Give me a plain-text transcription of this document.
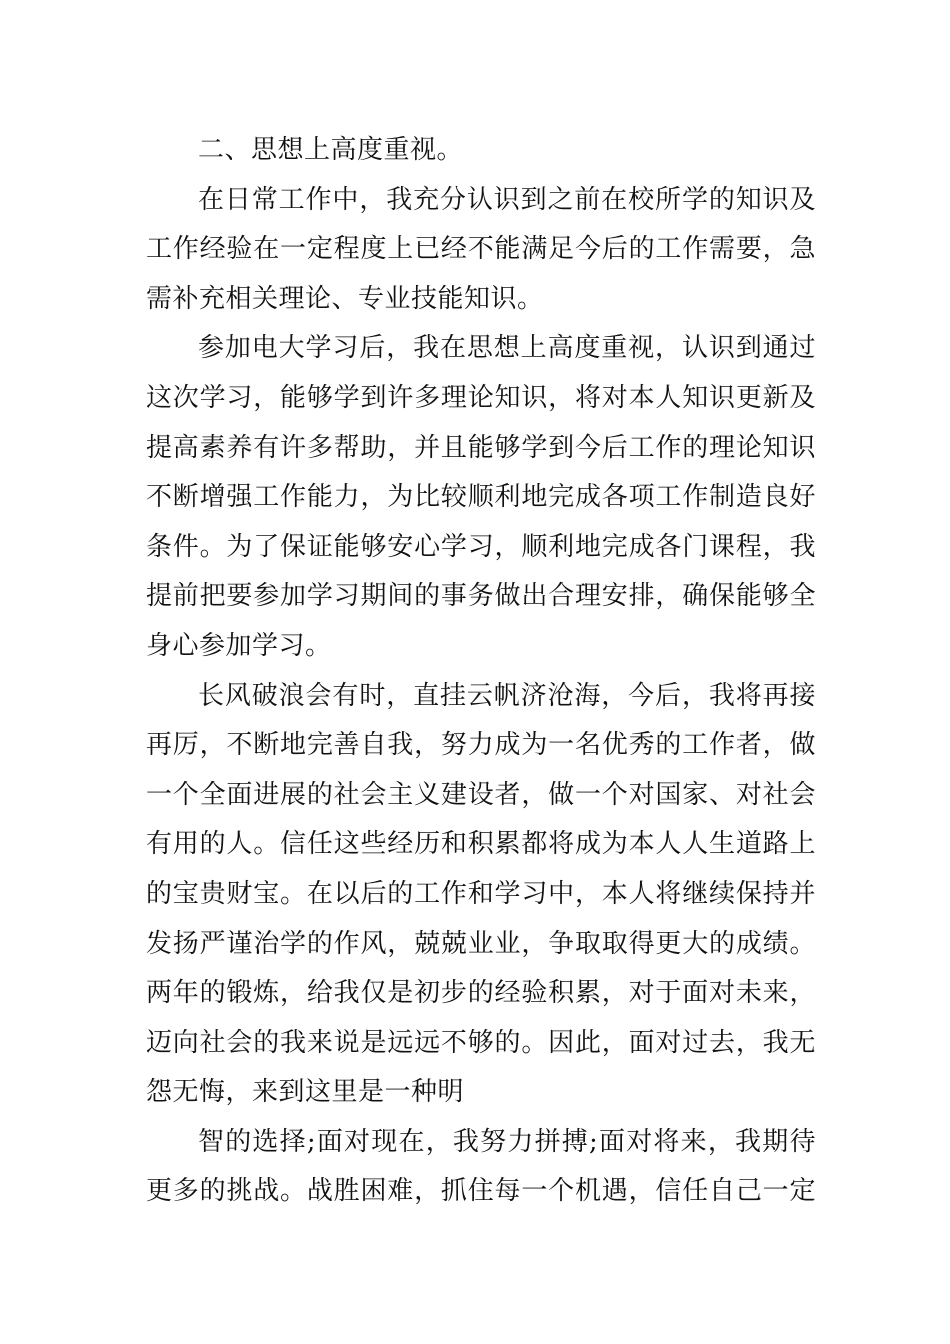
二、思想上高度重视。
在日常工作中，我充分认识到之前在校所学的知识及
工作经验在一定程度上已经不能满足今后的工作需要，急
需补充相关理论、专业技能知识。
参加电大学习后，我在思想上高度重视，认识到通过
这次学习，能够学到许多理论知识，将对本人知识更新及
提高素养有许多帮助，并且能够学到今后工作的理论知识
不断增强工作能力，为比较顺利地完成各项工作制造良好
条件。为了保证能够安心学习，顺利地完成各门课程，我
提前把要参加学习期间的事务做出合理安排，确保能够全
身心参加学习。
长风破浪会有时，直挂云帆济沧海，今后，我将再接
再厉，不断地完善自我，努力成为一名优秀的工作者，做
一个全面进展的社会主义建设者，做一个对国家、对社会
有用的人。信任这些经历和积累都将成为本人人生道路上
的宝贵财宝。在以后的工作和学习中，本人将继续保持并
发扬严谨治学的作风，兢兢业业，争取取得更大的成绩。
两年的锻炼，给我仅是初步的经验积累，对于面对未来，
迈向社会的我来说是远远不够的。因此，面对过去，我无
怨无悔，来到这里是一种明
智的选择;面对现在，我努力拼搏;面对将来，我期待
更多的挑战。战胜困难，抓住每一个机遇，信任自己一定
